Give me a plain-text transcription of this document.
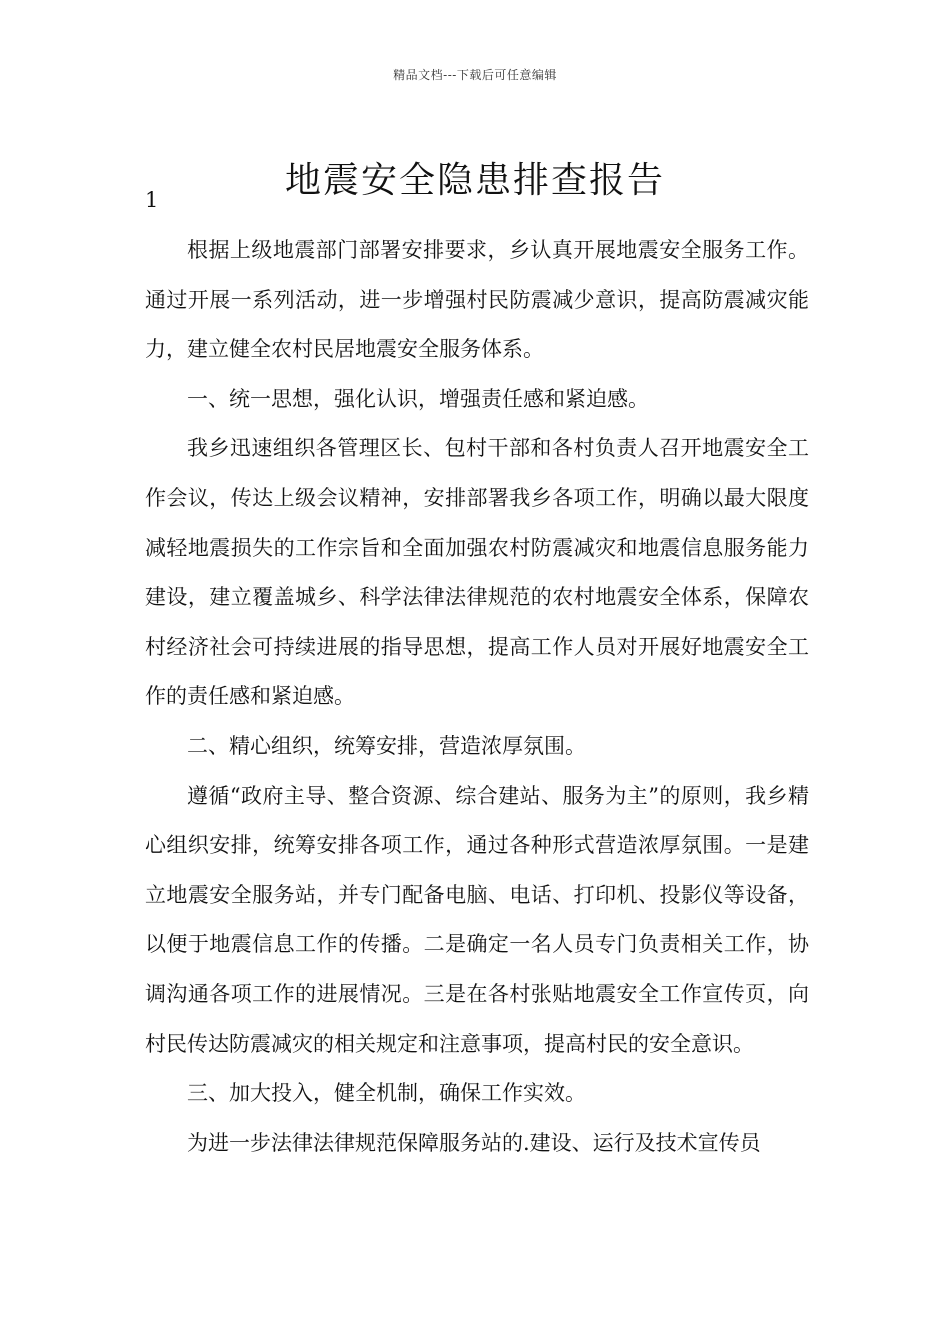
精品文档---下载后可任意编辑
地震安全隐患排查报告
1

根据上级地震部门部署安排要求，乡认真开展地震安全服务工作。通过开展一系列活动，进一步增强村民防震减少意识，提高防震减灾能力，建立健全农村民居地震安全服务体系。

一、统一思想，强化认识，增强责任感和紧迫感。

我乡迅速组织各管理区长、包村干部和各村负责人召开地震安全工作会议，传达上级会议精神，安排部署我乡各项工作，明确以最大限度减轻地震损失的工作宗旨和全面加强农村防震减灾和地震信息服务能力建设，建立覆盖城乡、科学法律法律规范的农村地震安全体系，保障农村经济社会可持续进展的指导思想，提高工作人员对开展好地震安全工作的责任感和紧迫感。

二、精心组织，统筹安排，营造浓厚氛围。

遵循“政府主导、整合资源、综合建站、服务为主”的原则，我乡精心组织安排，统筹安排各项工作，通过各种形式营造浓厚氛围。一是建立地震安全服务站，并专门配备电脑、电话、打印机、投影仪等设备，以便于地震信息工作的传播。二是确定一名人员专门负责相关工作，协调沟通各项工作的进展情况。三是在各村张贴地震安全工作宣传页，向村民传达防震减灾的相关规定和注意事项，提高村民的安全意识。

三、加大投入，健全机制，确保工作实效。

为进一步法律法律规范保障服务站的.建设、运行及技术宣传员
